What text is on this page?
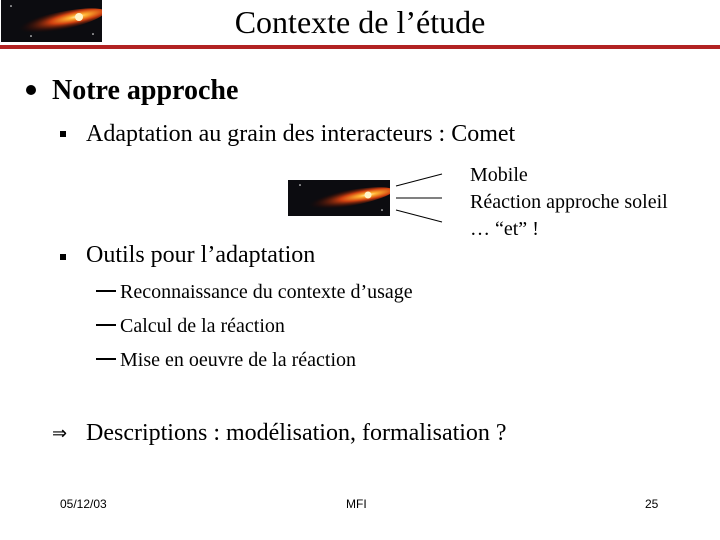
Contexte de l’étude
Notre approche
Adaptation au grain des interacteurs : Comet
Mobile
Réaction approche soleil
… “et” !
Outils pour l’adaptation
Reconnaissance du contexte d’usage
Calcul de la réaction
Mise en oeuvre de la réaction
⇒ Descriptions : modélisation, formalisation ?
05/12/03	MFI	25
